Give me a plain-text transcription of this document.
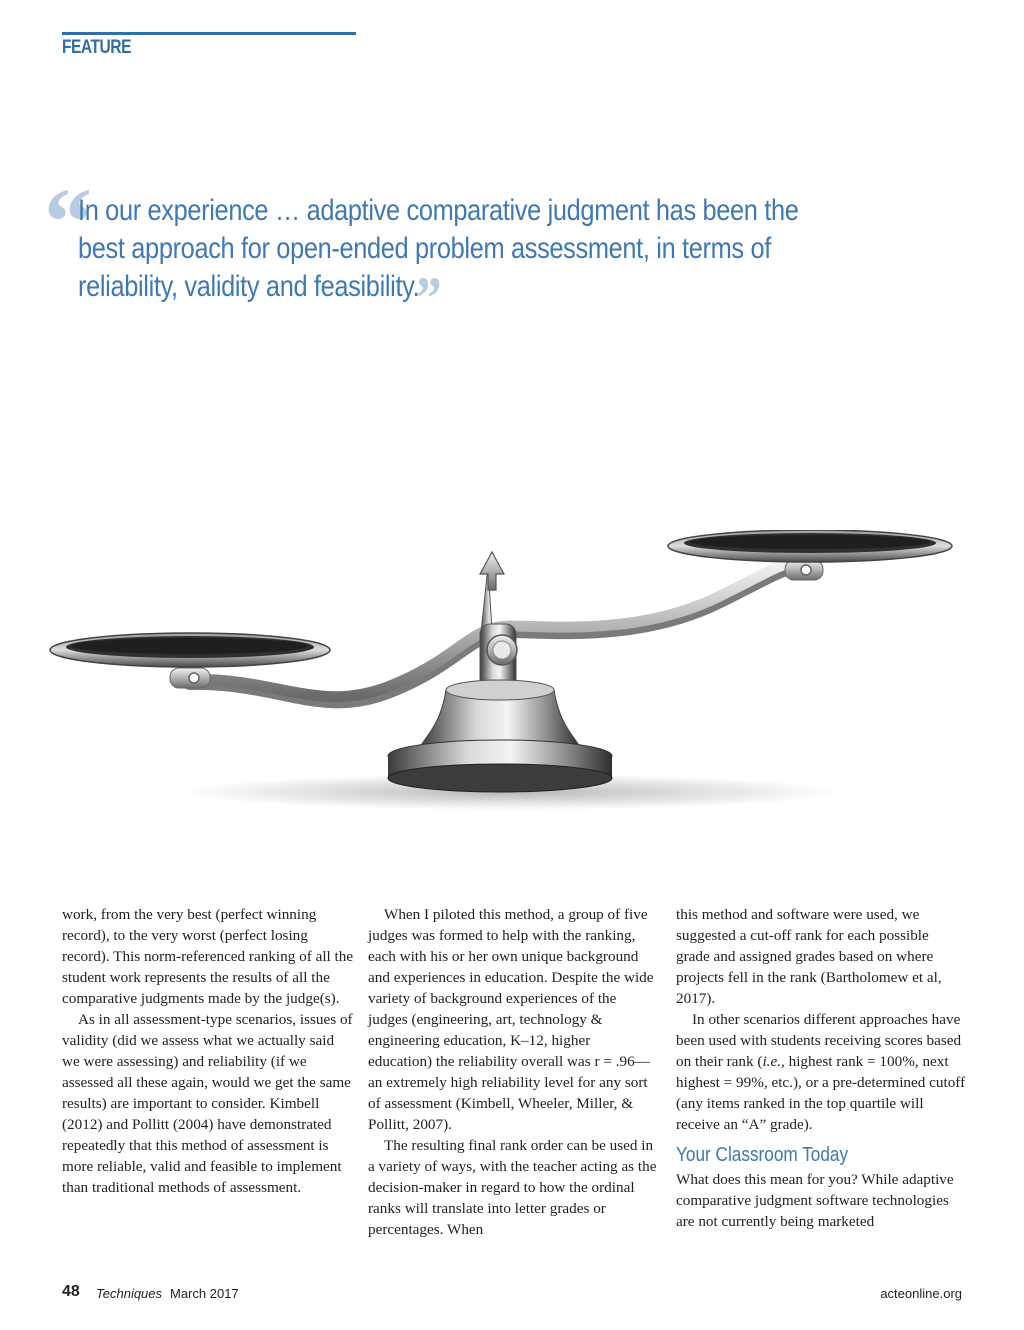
FEATURE
“

In our experience … adaptive comparative judgment has been the best approach for open-ended problem assessment, in terms of reliability, validity and feasibility.”

work, from the very best (perfect winning record), to the very worst (perfect losing record). This norm-referenced ranking of all the student work represents the results of all the comparative judgments made by the judge(s).

As in all assessment-type scenarios, issues of validity (did we assess what we actually said we were assessing) and reliability (if we assessed all these again, would we get the same results) are important to consider. Kimbell (2012) and Pollitt (2004) have demonstrated repeatedly that this method of assessment is more reliable, valid and feasible to implement than traditional methods of assessment.

When I piloted this method, a group of five judges was formed to help with the ranking, each with his or her own unique background and experiences in education. Despite the wide variety of background experiences of the judges (engineering, art, technology & engineering education, K–12, higher education) the reliability overall was r = .96—an extremely high reliability level for any sort of assessment (Kimbell, Wheeler, Miller, & Pollitt, 2007).

The resulting final rank order can be used in a variety of ways, with the teacher acting as the decision-maker in regard to how the ordinal ranks will translate into letter grades or percentages. When

this method and software were used, we suggested a cut-off rank for each possible grade and assigned grades based on where projects fell in the rank (Bartholomew et al, 2017).

In other scenarios different approaches have been used with students receiving scores based on their rank (i.e., highest rank = 100%, next highest = 99%, etc.), or a pre-determined cutoff (any items ranked in the top quartile will receive an “A” grade).

Your Classroom Today

What does this mean for you? While adaptive comparative judgment software technologies are not currently being marketed

48 Techniques March 2017	acteonline.org
